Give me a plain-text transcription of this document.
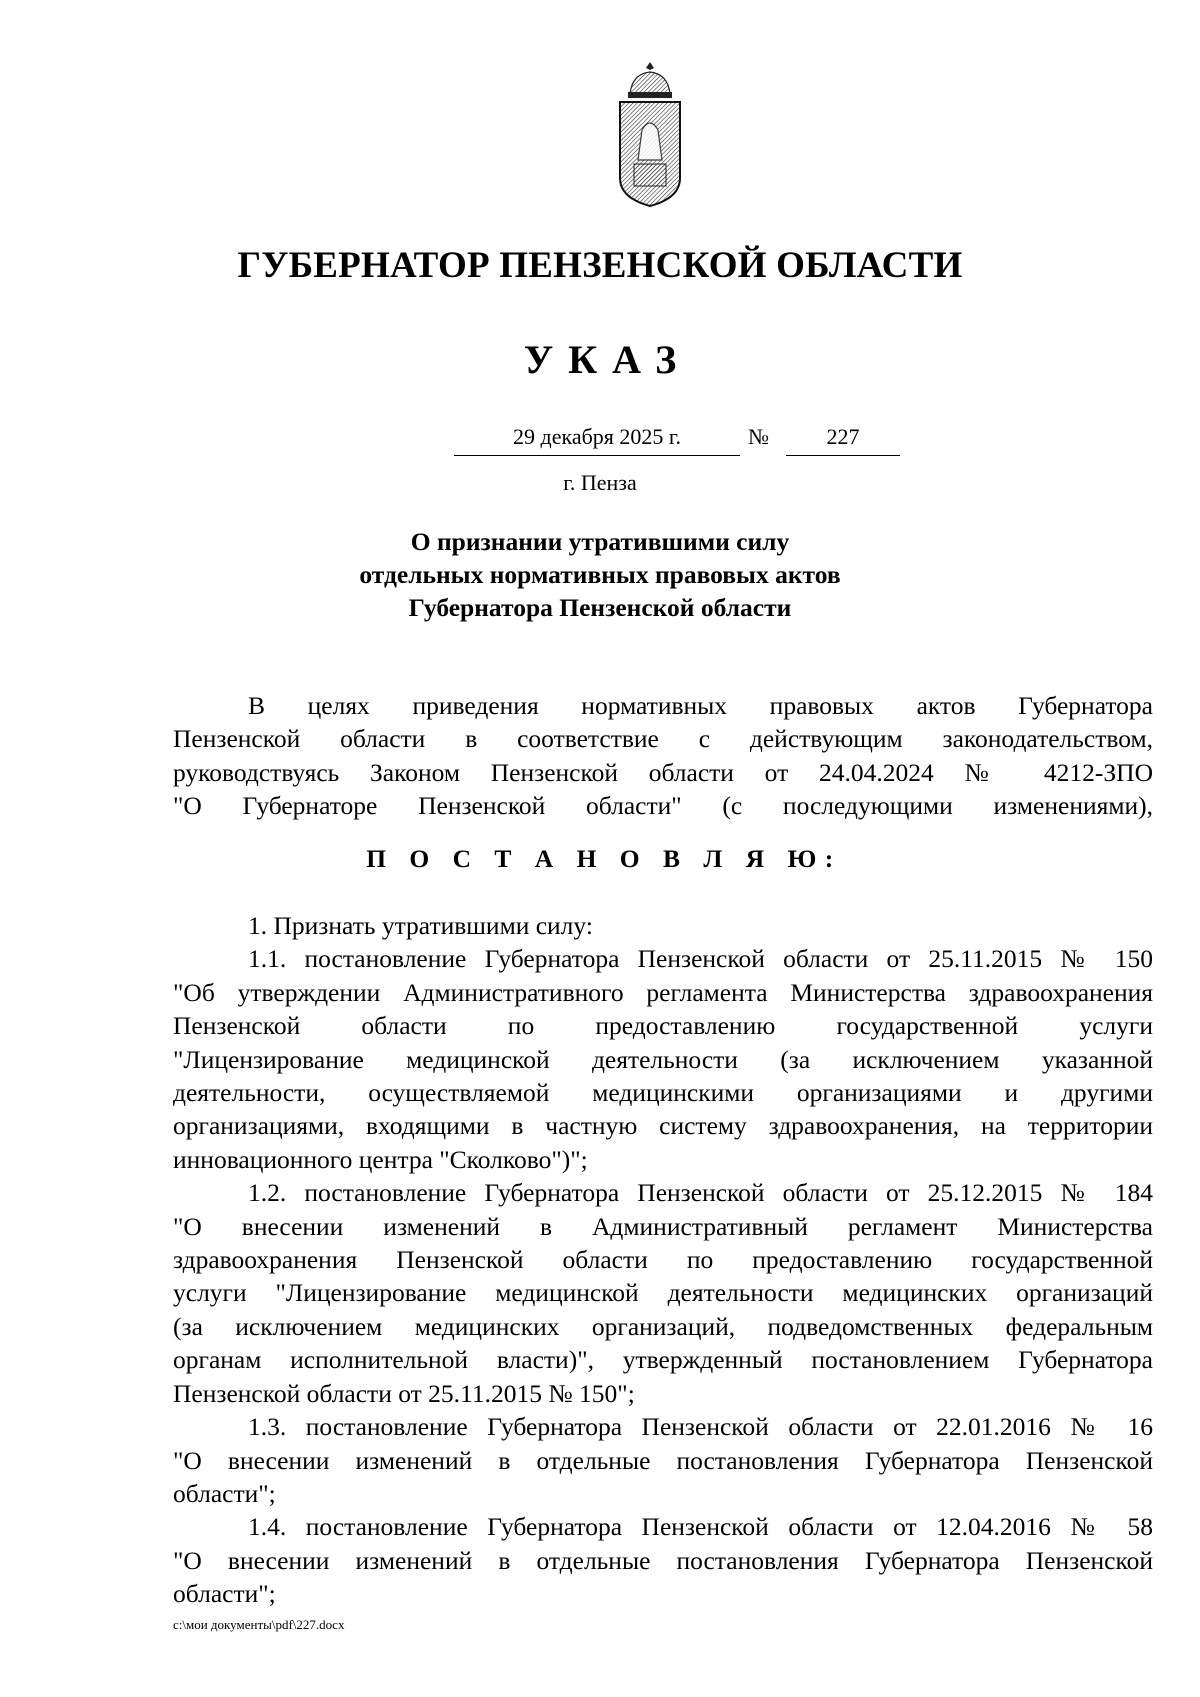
ГУБЕРНАТОР ПЕНЗЕНСКОЙ ОБЛАСТИ
УКАЗ
29 декабря 2025 г.	№	227
г. Пенза
О признании утратившими силу
отдельных нормативных правовых актов
Губернатора Пензенской области
В целях приведения нормативных правовых актов Губернатора
Пензенской области в соответствие с действующим законодательством,
руководствуясь Законом Пензенской области от 24.04.2024 № 4212-ЗПО
"О Губернаторе Пензенской области" (с последующими изменениями),
П О С Т А Н О В Л Я Ю:
1. Признать утратившими силу:
1.1. постановление Губернатора Пензенской области от 25.11.2015 № 150
"Об утверждении Административного регламента Министерства здравоохранения
Пензенской области по предоставлению государственной услуги
"Лицензирование медицинской деятельности (за исключением указанной
деятельности, осуществляемой медицинскими организациями и другими
организациями, входящими в частную систему здравоохранения, на территории
инновационного центра "Сколково")";
1.2. постановление Губернатора Пензенской области от 25.12.2015 № 184
"О внесении изменений в Административный регламент Министерства
здравоохранения Пензенской области по предоставлению государственной
услуги "Лицензирование медицинской деятельности медицинских организаций
(за исключением медицинских организаций, подведомственных федеральным
органам исполнительной власти)", утвержденный постановлением Губернатора
Пензенской области от 25.11.2015 № 150";
1.3. постановление Губернатора Пензенской области от 22.01.2016 № 16
"О внесении изменений в отдельные постановления Губернатора Пензенской
области";
1.4. постановление Губернатора Пензенской области от 12.04.2016 № 58
"О внесении изменений в отдельные постановления Губернатора Пензенской
области";
c:\мои документы\pdf\227.docx
